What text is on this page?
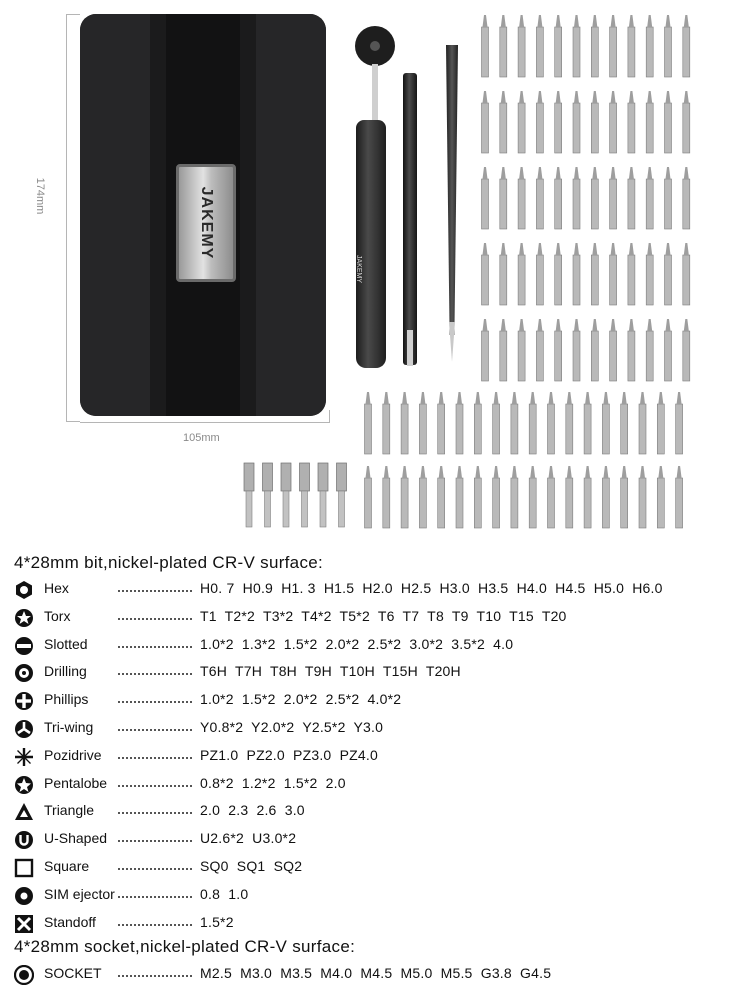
JAKEMY
174mm
105mm
JAKEMY
4*28mm bit,nickel-plated CR-V surface:
Hex	H0. 7  H0.9  H1. 3  H1.5  H2.0  H2.5  H3.0  H3.5  H4.0  H4.5  H5.0  H6.0
Torx	T1  T2*2  T3*2  T4*2  T5*2  T6  T7  T8  T9  T10  T15  T20
Slotted	1.0*2  1.3*2  1.5*2  2.0*2  2.5*2  3.0*2  3.5*2  4.0
Drilling	T6H  T7H  T8H  T9H  T10H  T15H  T20H
Phillips	1.0*2  1.5*2  2.0*2  2.5*2  4.0*2
Tri-wing	Y0.8*2  Y2.0*2  Y2.5*2  Y3.0
Pozidrive	PZ1.0  PZ2.0  PZ3.0  PZ4.0
Pentalobe	0.8*2  1.2*2  1.5*2  2.0
Triangle	2.0  2.3  2.6  3.0
U-Shaped	U2.6*2  U3.0*2
Square	SQ0  SQ1  SQ2
SIM ejector	0.8  1.0
Standoff	1.5*2
4*28mm socket,nickel-plated CR-V surface:
SOCKET	M2.5  M3.0  M3.5  M4.0  M4.5  M5.0  M5.5  G3.8  G4.5
